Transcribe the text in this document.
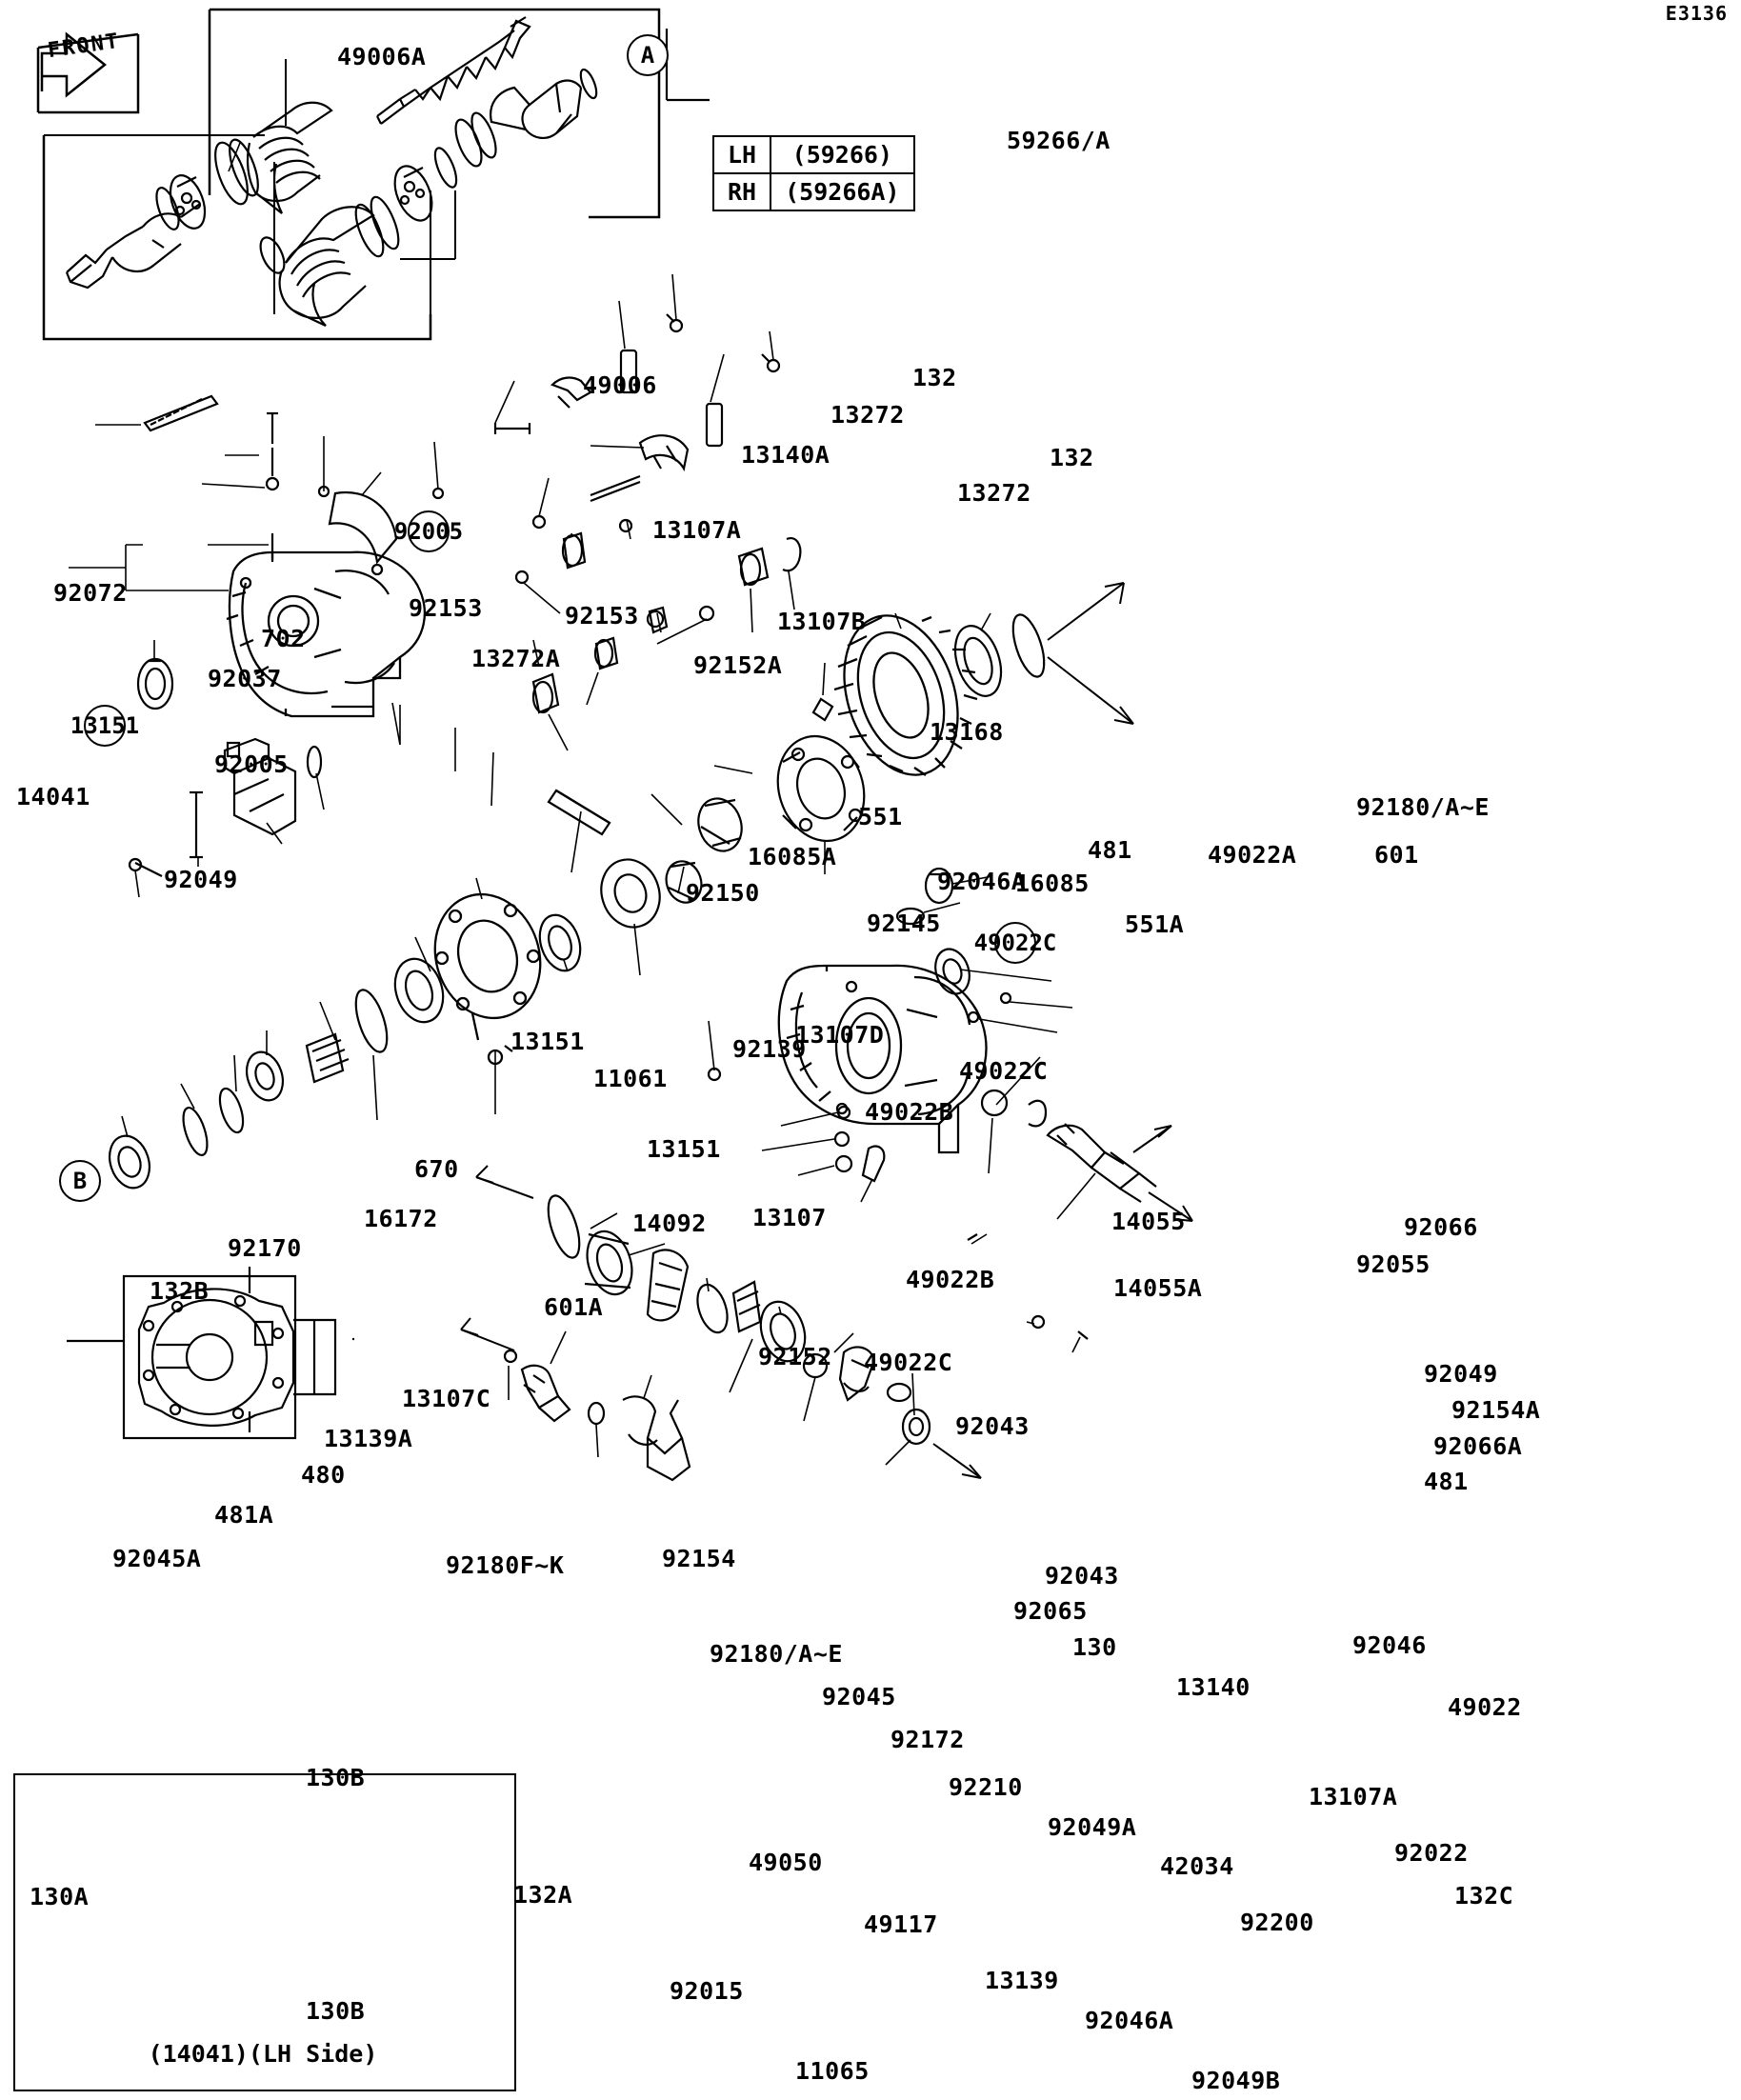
E3136
LH	(59266)
RH	(59266A)
FRONT	A
92005
13151
49022C
B
(14041)(LH Side)
49006A
59266/A
49006	132
13272
13140A	132
13272
13107A
92072
92153	92153	13107B
702
13272A	92152A
92037
13168
92005
14041
551	92180/A~E
16085A	481	49022A	601
92049	92150	16085
92046A
551A
92145
13107D
92139
13151
11061
13151
49022C
49022B
670
16172
92170
14055	92066
49022B
13107
14092
92055
132B	14055A
601A
92152 49022C	92049
13107C	92154A
92066A
13139A
480
92043
481
481A
92045A	92180F~K	92154
92043
92065
92046
130
92180/A~E
13140
49022
92045
92172
13107A
92210
92049A
92022
49050	42034
132C
49117	92200
13139
92015
92046A
11065	92049B
130B
130A	132A
130B
